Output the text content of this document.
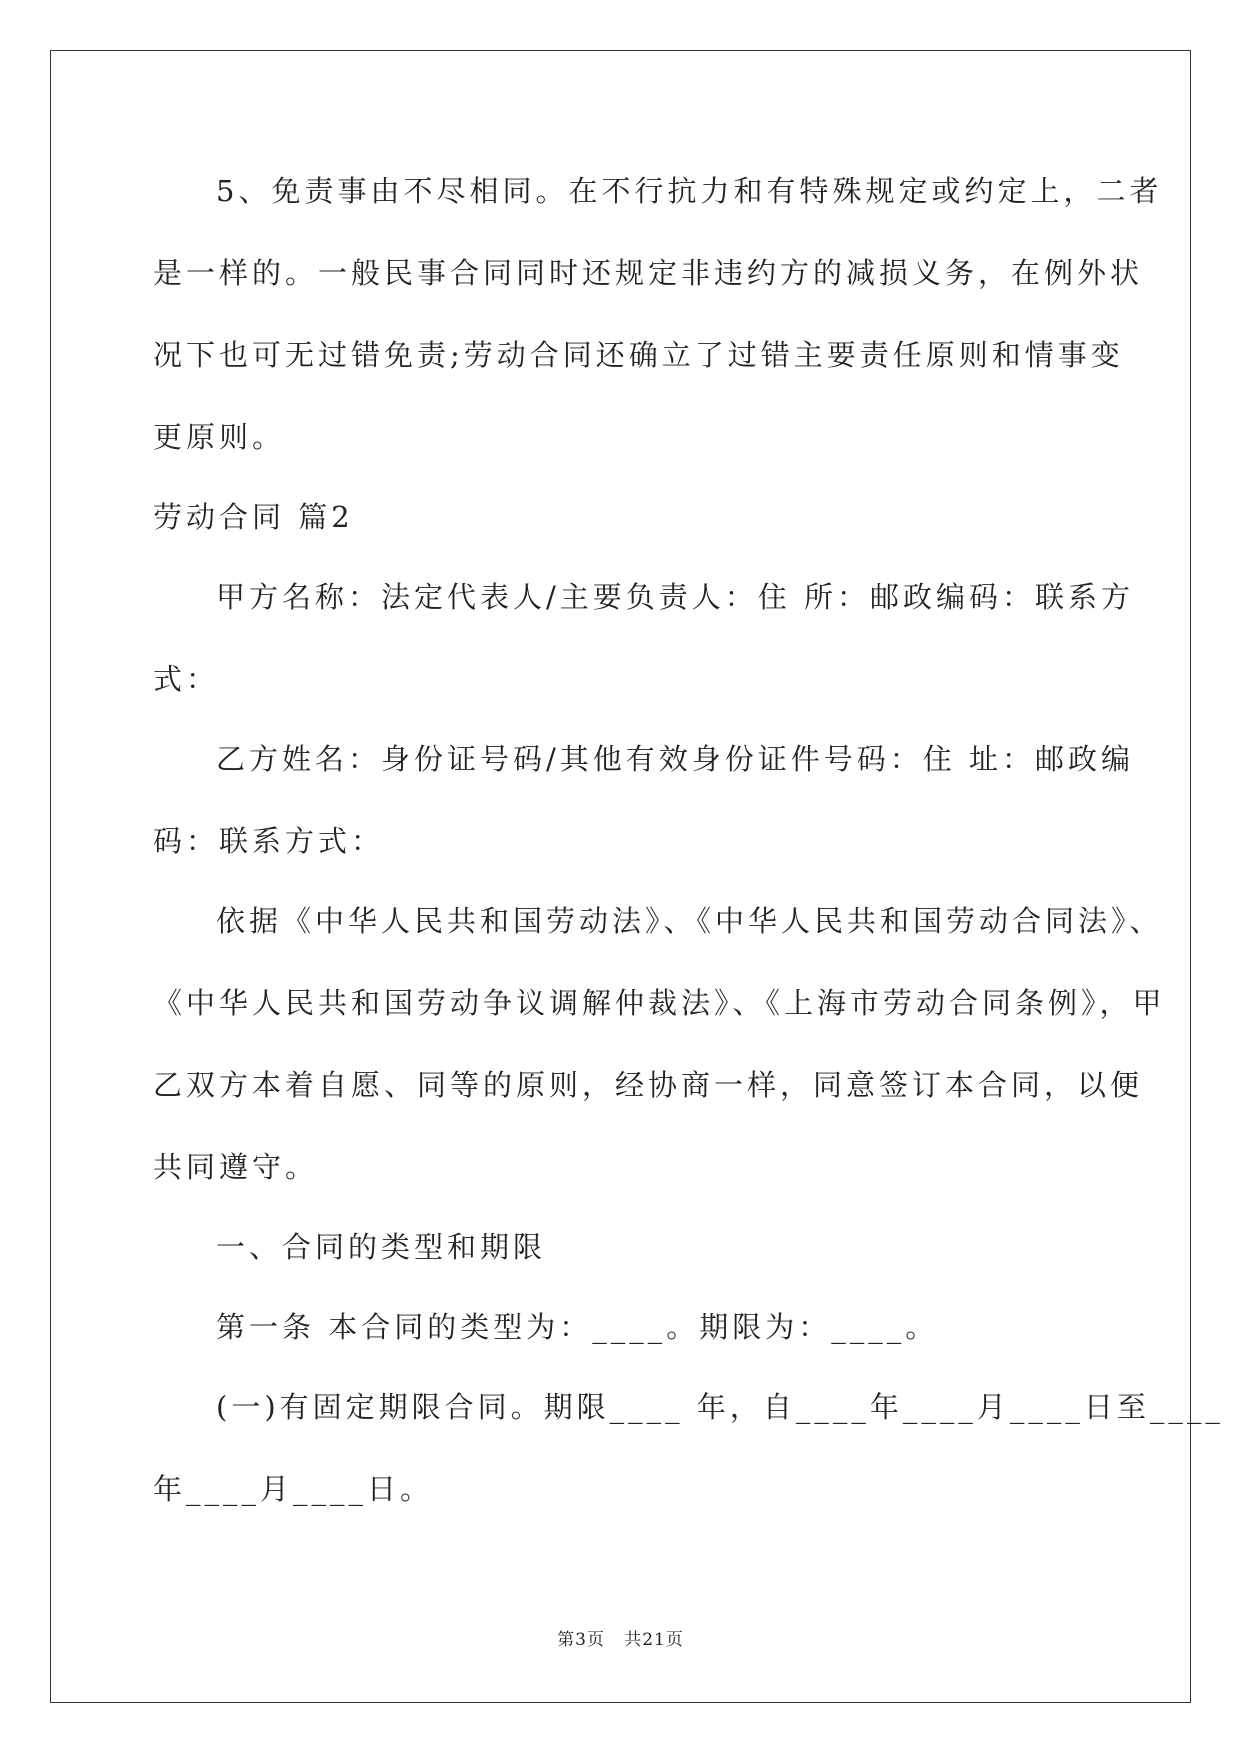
5、免责事由不尽相同。在不行抗力和有特殊规定或约定上，二者
是一样的。一般民事合同同时还规定非违约方的减损义务，在例外状
况下也可无过错免责;劳动合同还确立了过错主要责任原则和情事变
更原则。
劳动合同 篇2
甲方名称：法定代表人/主要负责人：住 所：邮政编码：联系方
式：
乙方姓名：身份证号码/其他有效身份证件号码：住 址：邮政编
码：联系方式：
依据《中华人民共和国劳动法》、《中华人民共和国劳动合同法》、
《中华人民共和国劳动争议调解仲裁法》、《上海市劳动合同条例》，甲
乙双方本着自愿、同等的原则，经协商一样，同意签订本合同，以便
共同遵守。
一、合同的类型和期限
第一条 本合同的类型为：____。期限为：____。
(一)有固定期限合同。期限____ 年，自____年____月____日至____
年____月____日。
第3页 共21页
